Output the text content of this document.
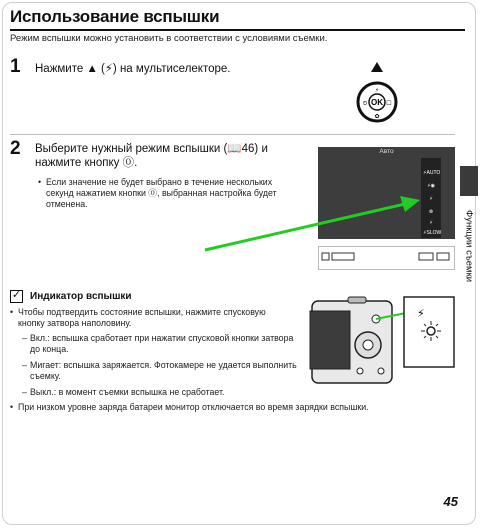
Использование вспышки
Режим вспышки можно установить в соответствии с условиями съемки.
1 Нажмите ▲ (⚡) на мультиселекторе.
OK
⏲	☐
⚡
✿
2 Выберите нужный режим вспышки (📖46) и
нажмите кнопку ⓪.
• Если значение не будет выбрано в течение нескольких
секунд нажатием кнопки ⓪, выбранная настройка будет
отменена.
Авто
⚡AUTO
⚡◉
⚡
⊗
⚡
⚡SLOW
✓ Индикатор вспышки
• Чтобы подтвердить состояние вспышки, нажмите спусковую
кнопку затвора наполовину.
– Вкл.: вспышка сработает при нажатии спусковой кнопки затвора
до конца.
– Мигает: вспышка заряжается. Фотокамере не удается выполнить
съемку.
– Выкл.: в момент съемки вспышка не сработает.
• При низком уровне заряда батареи монитор отключается во время зарядки вспышки.
⚡
Функции съемки
45
